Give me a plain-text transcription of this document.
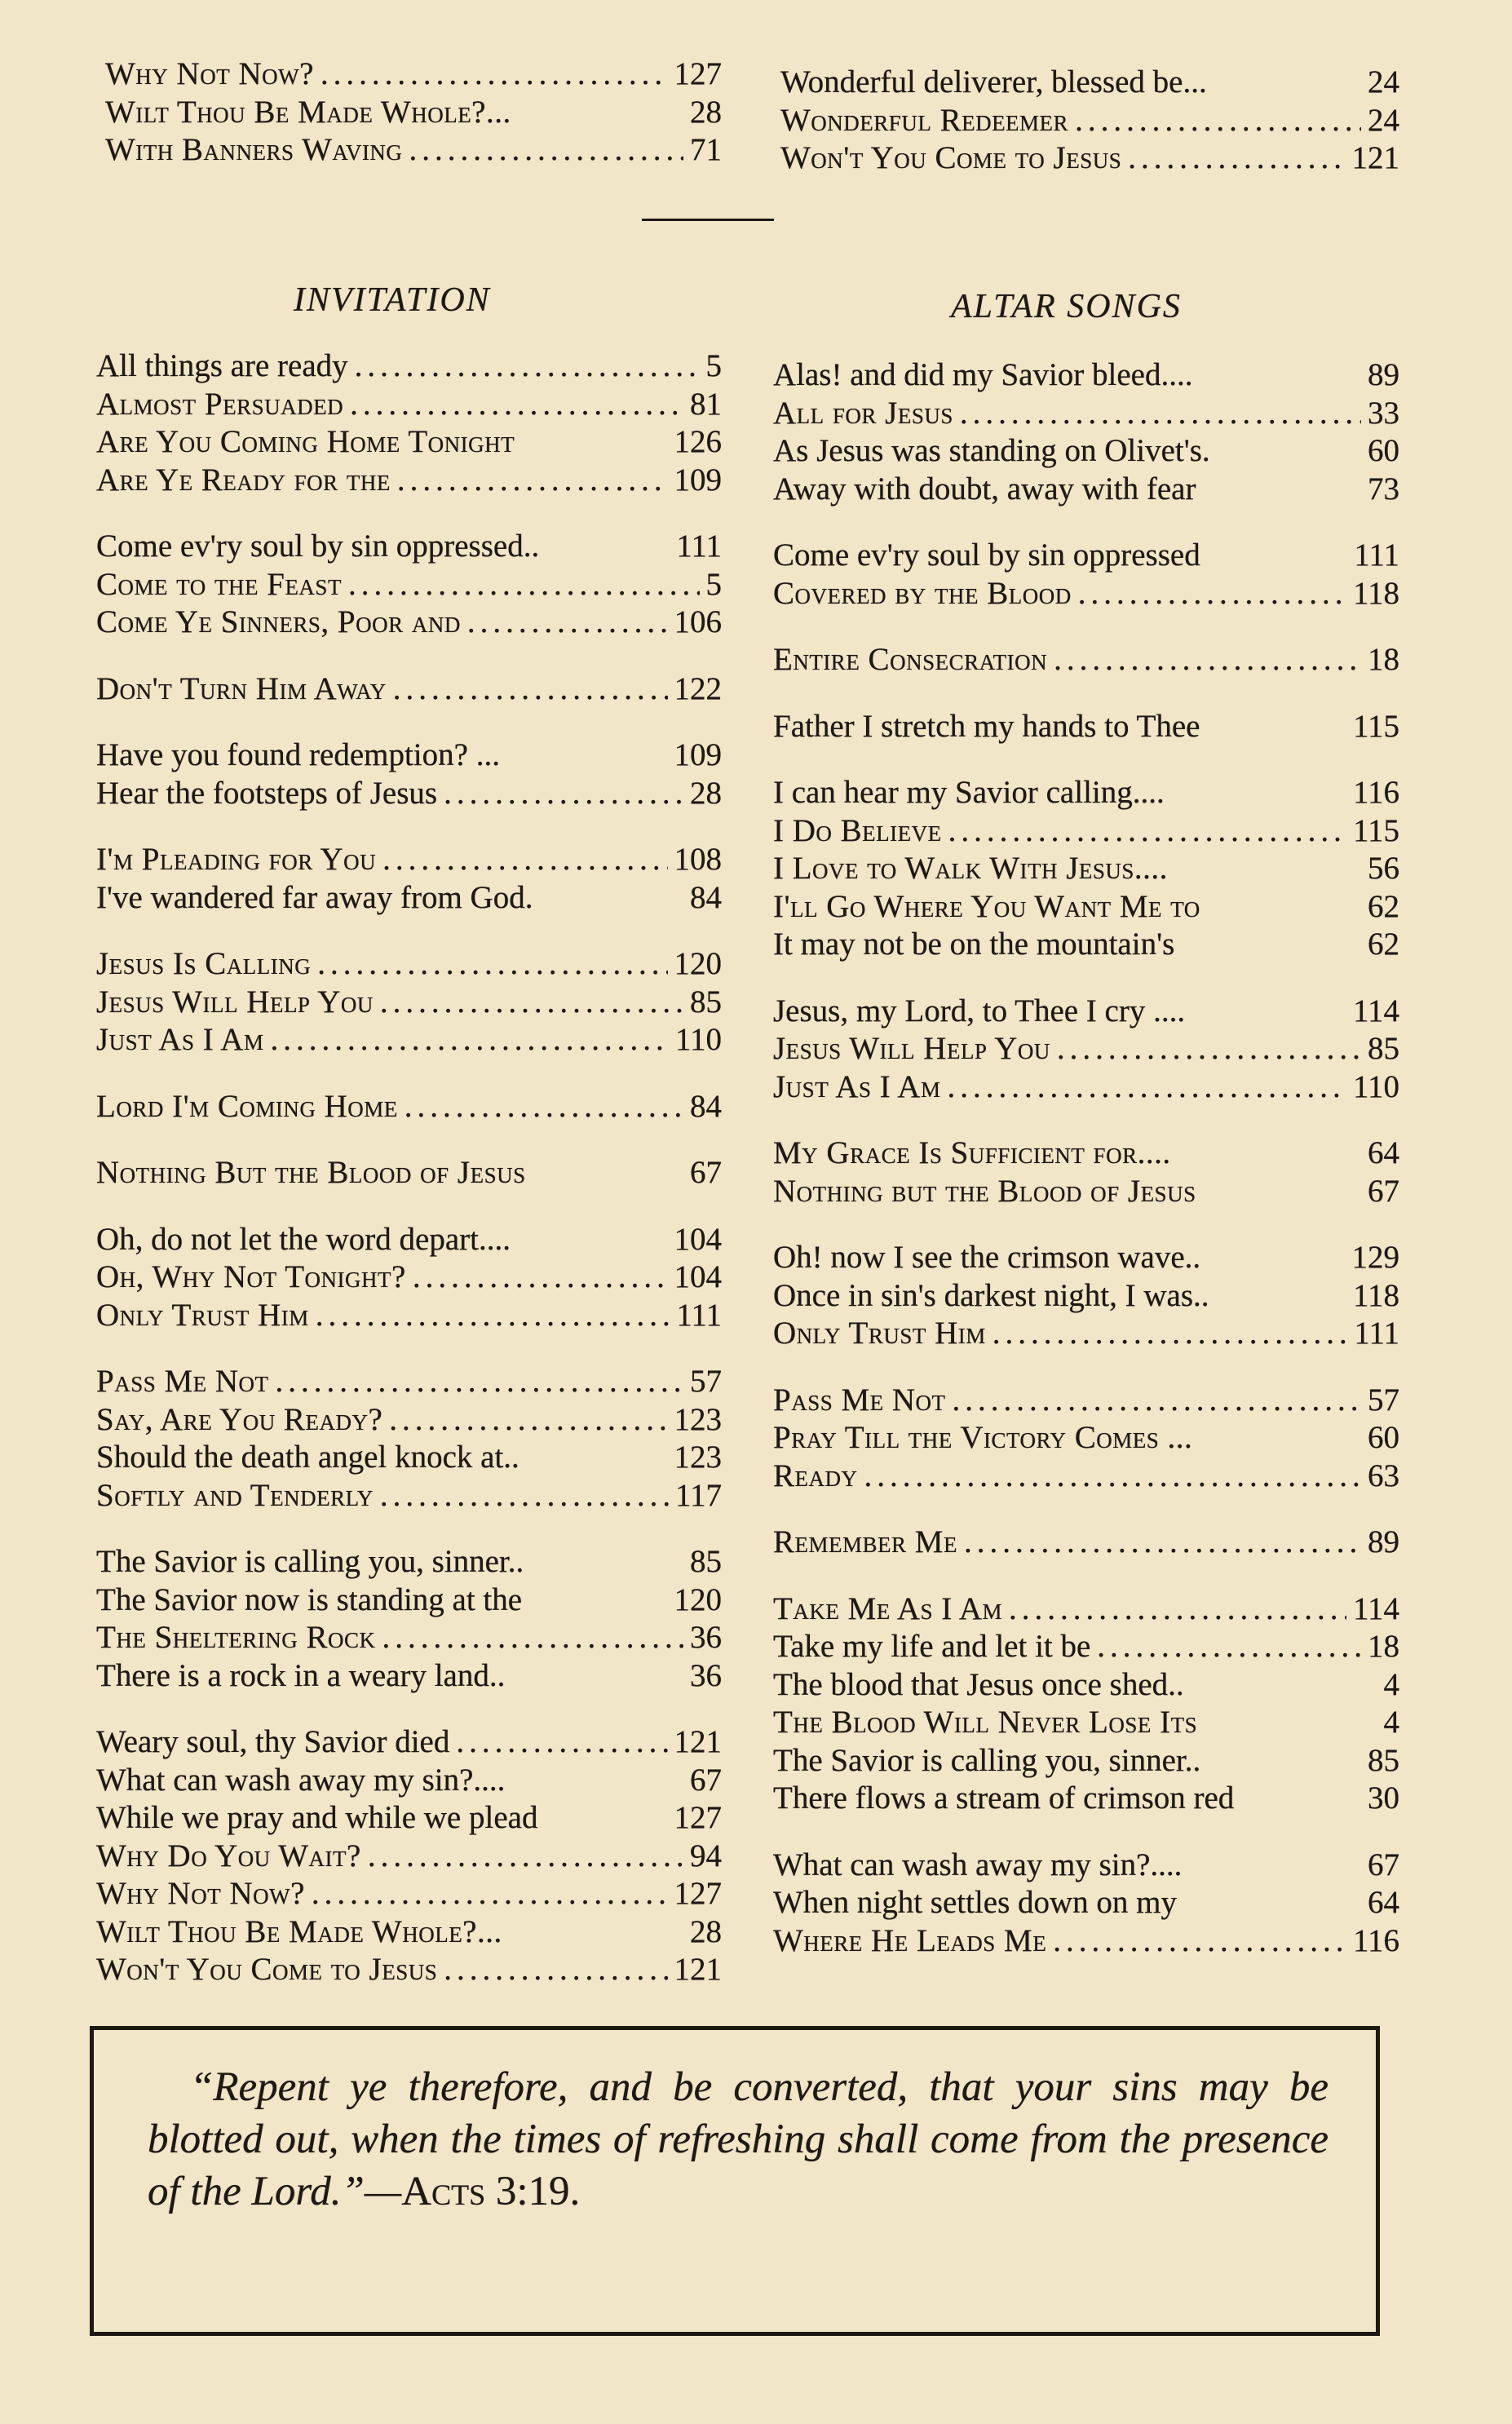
Why Not Now? .....	127
Wilt Thou Be Made Whole?...	28
With Banners Waving .....	71
Wonderful deliverer, blessed be...	24
Wonderful Redeemer .....	24
Won't You Come to Jesus .....	121
INVITATION	ALTAR SONGS
All things are ready .....	5
Almost Persuaded .....	81
Are You Coming Home Tonight	126
Are Ye Ready for the .....	109
Come ev'ry soul by sin oppressed..	111
Come to the Feast .....	5
Come Ye Sinners, Poor and .....	106
Don't Turn Him Away .....	122
Have you found redemption? ...	109
Hear the footsteps of Jesus .....	28
I'm Pleading for You .....	108
I've wandered far away from God.	84
Jesus Is Calling .....	120
Jesus Will Help You .....	85
Just As I Am .....	110
Lord I'm Coming Home .....	84
Nothing But the Blood of Jesus	67
Oh, do not let the word depart....	104
Oh, Why Not Tonight? .....	104
Only Trust Him .....	111
Pass Me Not .....	57
Say, Are You Ready? .....	123
Should the death angel knock at..	123
Softly and Tenderly .....	117
The Savior is calling you, sinner..	85
The Savior now is standing at the	120
The Sheltering Rock .....	36
There is a rock in a weary land..	36
Weary soul, thy Savior died .....	121
What can wash away my sin?....	67
While we pray and while we plead	127
Why Do You Wait? .....	94
Why Not Now? .....	127
Wilt Thou Be Made Whole?...	28
Won't You Come to Jesus .....	121
Alas! and did my Savior bleed....	89
All for Jesus .....	33
As Jesus was standing on Olivet's.	60
Away with doubt, away with fear	73
Come ev'ry soul by sin oppressed	111
Covered by the Blood .....	118
Entire Consecration .....	18
Father I stretch my hands to Thee	115
I can hear my Savior calling....	116
I Do Believe .....	115
I Love to Walk With Jesus....	56
I'll Go Where You Want Me to	62
It may not be on the mountain's	62
Jesus, my Lord, to Thee I cry ....	114
Jesus Will Help You .....	85
Just As I Am .....	110
My Grace Is Sufficient for....	64
Nothing but the Blood of Jesus	67
Oh! now I see the crimson wave..	129
Once in sin's darkest night, I was..	118
Only Trust Him .....	111
Pass Me Not .....	57
Pray Till the Victory Comes ...	60
Ready .....	63
Remember Me .....	89
Take Me As I Am .....	114
Take my life and let it be .....	18
The blood that Jesus once shed..	4
The Blood Will Never Lose Its	4
The Savior is calling you, sinner..	85
There flows a stream of crimson red	30
What can wash away my sin?....	67
When night settles down on my	64
Where He Leads Me .....	116
“Repent ye therefore, and be converted, that your sins may be blotted out, when the times of refreshing shall come from the presence of the Lord.”—Acts 3:19.
